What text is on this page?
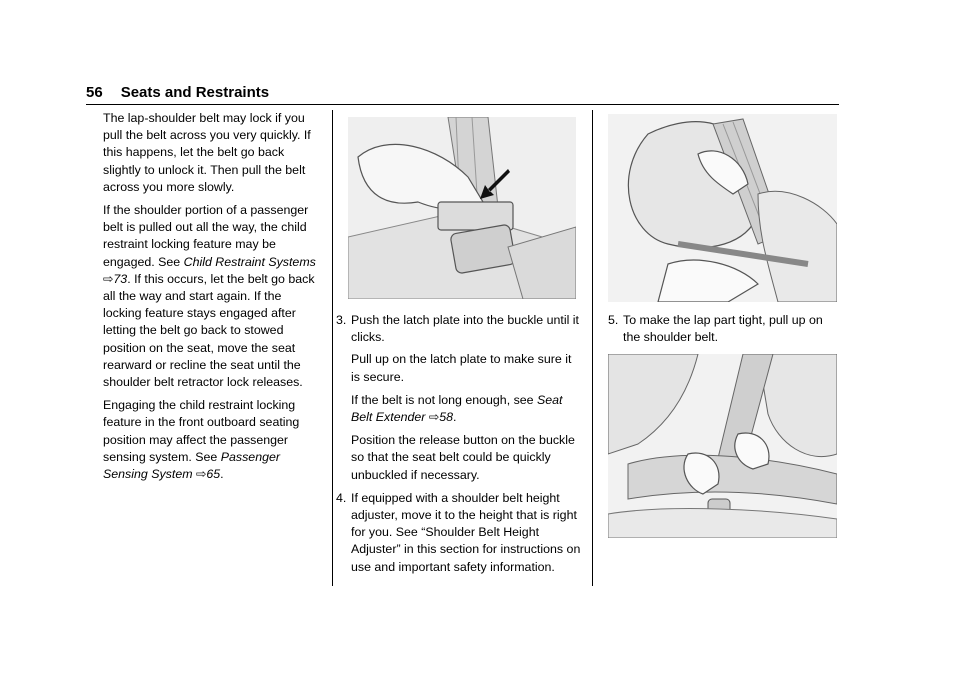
56 Seats and Restraints

The lap-shoulder belt may lock if you pull the belt across you very quickly. If this happens, let the belt go back slightly to unlock it. Then pull the belt across you more slowly.

If the shoulder portion of a passenger belt is pulled out all the way, the child restraint locking feature may be engaged. See Child Restraint Systems ⇨73. If this occurs, let the belt go back all the way and start again. If the locking feature stays engaged after letting the belt go back to stowed position on the seat, move the seat rearward or recline the seat until the shoulder belt retractor lock releases.

Engaging the child restraint locking feature in the front outboard seating position may affect the passenger sensing system. See Passenger Sensing System ⇨65.

3. Push the latch plate into the buckle until it clicks.

Pull up on the latch plate to make sure it is secure.

If the belt is not long enough, see Seat Belt Extender ⇨58.

Position the release button on the buckle so that the seat belt could be quickly unbuckled if necessary.

4. If equipped with a shoulder belt height adjuster, move it to the height that is right for you. See “Shoulder Belt Height Adjuster” in this section for instructions on use and important safety information.
5. To make the lap part tight, pull up on the shoulder belt.
